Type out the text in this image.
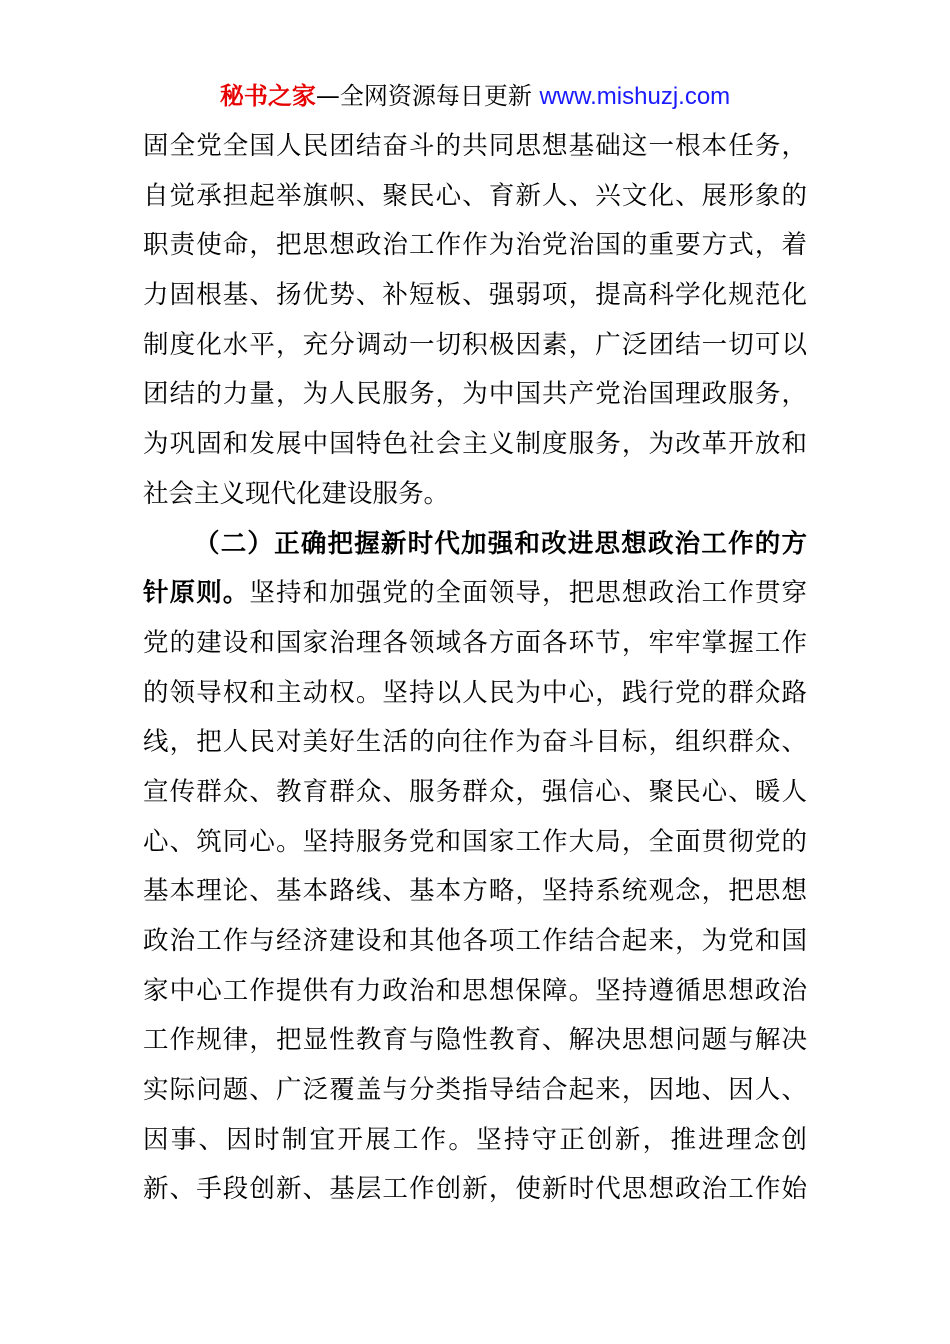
秘书之家—全网资源每日更新 www.mishuzj.com
固全党全国人民团结奋斗的共同思想基础这一根本任务，
自觉承担起举旗帜、聚民心、育新人、兴文化、展形象的
职责使命，把思想政治工作作为治党治国的重要方式，着
力固根基、扬优势、补短板、强弱项，提高科学化规范化
制度化水平，充分调动一切积极因素，广泛团结一切可以
团结的力量，为人民服务，为中国共产党治国理政服务，
为巩固和发展中国特色社会主义制度服务，为改革开放和
社会主义现代化建设服务。
（二）正确把握新时代加强和改进思想政治工作的方
针原则。坚持和加强党的全面领导，把思想政治工作贯穿
党的建设和国家治理各领域各方面各环节，牢牢掌握工作
的领导权和主动权。坚持以人民为中心，践行党的群众路
线，把人民对美好生活的向往作为奋斗目标，组织群众、
宣传群众、教育群众、服务群众，强信心、聚民心、暖人
心、筑同心。坚持服务党和国家工作大局，全面贯彻党的
基本理论、基本路线、基本方略，坚持系统观念，把思想
政治工作与经济建设和其他各项工作结合起来，为党和国
家中心工作提供有力政治和思想保障。坚持遵循思想政治
工作规律，把显性教育与隐性教育、解决思想问题与解决
实际问题、广泛覆盖与分类指导结合起来，因地、因人、
因事、因时制宜开展工作。坚持守正创新，推进理念创
新、手段创新、基层工作创新，使新时代思想政治工作始
